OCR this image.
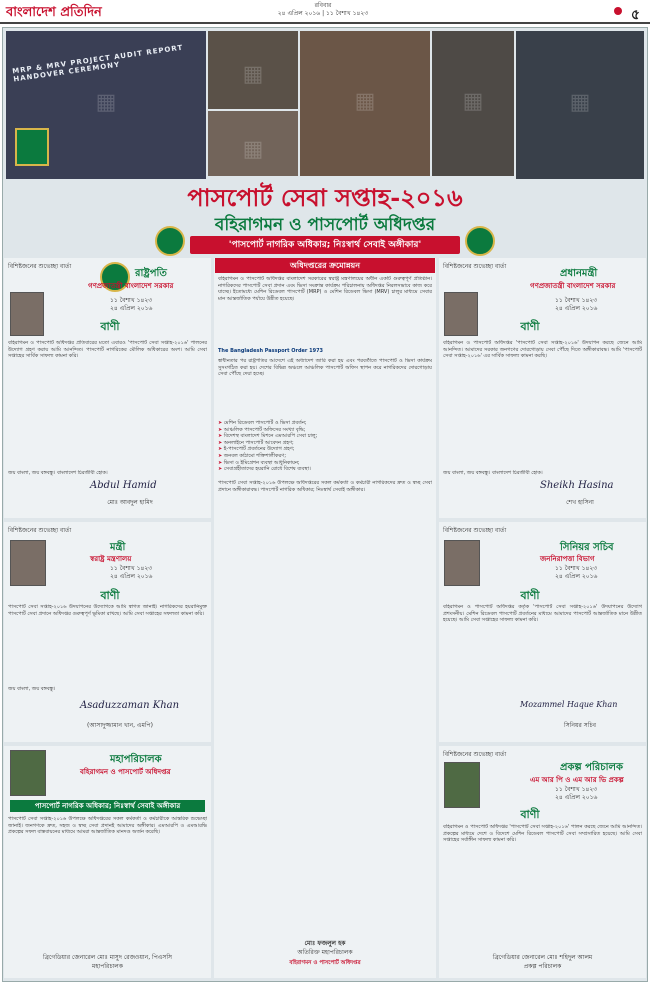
বাংলাদেশ প্রতিদিন	রবিবার
২৪ এপ্রিল ২০১৬ | ১১ বৈশাখ ১৪২৩	৫
▦
MRP & MRV PROJECT AUDIT REPORT HANDOVER CEREMONY	▦
▦	▦	▦
▦
পাসপোর্ট সেবা সপ্তাহ-২০১৬
বহিরাগমন ও পাসপোর্ট অধিদপ্তর
'পাসপোর্ট নাগরিক অধিকার; নিঃস্বার্থ সেবাই অঙ্গীকার'
অধিদপ্তরের ক্রমোন্নয়ন
বহিরাগমন ও পাসপোর্ট অধিদপ্তর বাংলাদেশ সরকারের স্বরাষ্ট্র মন্ত্রণালয়ের অধীন একটি গুরুত্বপূর্ণ প্রতিষ্ঠান। নাগরিকদের পাসপোর্ট সেবা প্রদান এবং ভিসা সংক্রান্ত কার্যক্রম পরিচালনায় অধিদপ্তর নিরলসভাবে কাজ করে যাচ্ছে। ইতোমধ্যে মেশিন রিডেবল পাসপোর্ট (MRP) ও মেশিন রিডেবল ভিসা (MRV) চালুর মাধ্যমে সেবার মান আন্তর্জাতিক পর্যায়ে উন্নীত হয়েছে।
The Bangladesh Passport Order 1973
স্বাধীনতার পর রাষ্ট্রপতির আদেশে এই অধ্যাদেশ জারি করা হয় এবং পরবর্তীতে পাসপোর্ট ও ভিসা কার্যক্রম সুসংগঠিত করা হয়। দেশের বিভিন্ন অঞ্চলে আঞ্চলিক পাসপোর্ট অফিস স্থাপন করে নাগরিকদের দোরগোড়ায় সেবা পৌঁছে দেয়া হচ্ছে।
➤ মেশিন রিডেবল পাসপোর্ট ও ভিসা প্রবর্তন;
➤ আঞ্চলিক পাসপোর্ট অফিসের সংখ্যা বৃদ্ধি;
➤ বিদেশস্থ বাংলাদেশ মিশনে এমআরপি সেবা চালু;
➤ অনলাইনে পাসপোর্ট আবেদন গ্রহণ;
➤ ই-পাসপোর্ট প্রবর্তনের উদ্যোগ গ্রহণ;
➤ জনবল কাঠামো শক্তিশালীকরণ;
➤ ভিসা ও ইমিগ্রেশন ব্যবস্থা আধুনিকায়ন;
➤ সেবাগ্রহীতাদের হয়রানি রোধে বিশেষ ব্যবস্থা।
পাসপোর্ট সেবা সপ্তাহ-২০১৬ উপলক্ষে অধিদপ্তরের সকল কর্মকর্তা ও কর্মচারী নাগরিকদের দ্রুত ও স্বচ্ছ সেবা প্রদানে অঙ্গীকারাবদ্ধ। পাসপোর্ট নাগরিক অধিকার; নিঃস্বার্থ সেবাই অঙ্গীকার।
মোঃ ফজলুল হক
অতিরিক্ত মহাপরিচালক
বহিরাগমন ও পাসপোর্ট অধিদপ্তর
বিশিষ্টজনের শুভেচ্ছা বার্তা
রাষ্ট্রপতি
গণপ্রজাতন্ত্রী বাংলাদেশ সরকার
১১ বৈশাখ ১৪২৩
২৪ এপ্রিল ২০১৬
বাণী
বহিরাগমন ও পাসপোর্ট অধিদপ্তর প্রতিবারের মতো এবারও 'পাসপোর্ট সেবা সপ্তাহ-২০১৬' পালনের উদ্যোগ গ্রহণ করায় আমি আনন্দিত। পাসপোর্ট নাগরিকের মৌলিক অধিকারের অংশ। আমি সেবা সপ্তাহের সার্বিক সাফল্য কামনা করি।
জয় বাংলা, জয় বঙ্গবন্ধু। বাংলাদেশ চিরজীবী হোক।
Abdul Hamid
মোঃ আবদুল হামিদ
বিশিষ্টজনের শুভেচ্ছা বার্তা
মন্ত্রী
স্বরাষ্ট্র মন্ত্রণালয়
১১ বৈশাখ ১৪২৩
২৪ এপ্রিল ২০১৬
বাণী
পাসপোর্ট সেবা সপ্তাহ-২০১৬ উদযাপনের উদ্যোগকে আমি স্বাগত জানাই। নাগরিকদের হয়রানিমুক্ত পাসপোর্ট সেবা প্রদানে অধিদপ্তর গুরুত্বপূর্ণ ভূমিকা রাখছে। আমি সেবা সপ্তাহের সফলতা কামনা করি।
জয় বাংলা, জয় বঙ্গবন্ধু।
Asaduzzaman Khan
(আসাদুজ্জামান খান, এমপি)
মহাপরিচালক
বহিরাগমন ও পাসপোর্ট অধিদপ্তর
পাসপোর্ট নাগরিক অধিকার; নিঃস্বার্থ সেবাই অঙ্গীকার
পাসপোর্ট সেবা সপ্তাহ-২০১৬ উপলক্ষে অধিদপ্তরের সকল কর্মকর্তা ও কর্মচারীকে আন্তরিক শুভেচ্ছা জানাই। জনগণকে দ্রুত, সহজ ও স্বচ্ছ সেবা প্রদানই আমাদের অঙ্গীকার। এমআরপি ও এমআরভি প্রকল্পের সফল বাস্তবায়নের মাধ্যমে আমরা আন্তর্জাতিক মানদণ্ড অর্জন করেছি।
ব্রিগেডিয়ার জেনারেল মোঃ মাসুদ রেজওয়ান, পিএসসি
মহাপরিচালক
বিশিষ্টজনের শুভেচ্ছা বার্তা
প্রধানমন্ত্রী
গণপ্রজাতন্ত্রী বাংলাদেশ সরকার
১১ বৈশাখ ১৪২৩
২৪ এপ্রিল ২০১৬
বাণী
বহিরাগমন ও পাসপোর্ট অধিদপ্তর 'পাসপোর্ট সেবা সপ্তাহ-২০১৬' উদযাপন করছে জেনে আমি আনন্দিত। আমাদের সরকার জনগণের দোরগোড়ায় সেবা পৌঁছে দিতে অঙ্গীকারাবদ্ধ। আমি 'পাসপোর্ট সেবা সপ্তাহ-২০১৬' এর সার্বিক সাফল্য কামনা করছি।
জয় বাংলা, জয় বঙ্গবন্ধু। বাংলাদেশ চিরজীবী হোক।
Sheikh Hasina
শেখ হাসিনা
বিশিষ্টজনের শুভেচ্ছা বার্তা
সিনিয়র সচিব
জননিরাপত্তা বিভাগ
১১ বৈশাখ ১৪২৩
২৪ এপ্রিল ২০১৬
বাণী
বহিরাগমন ও পাসপোর্ট অধিদপ্তর কর্তৃক 'পাসপোর্ট সেবা সপ্তাহ-২০১৬' উদযাপনের উদ্যোগ প্রশংসনীয়। মেশিন রিডেবল পাসপোর্ট প্রবর্তনের মাধ্যমে আমাদের পাসপোর্ট আন্তর্জাতিক মানে উন্নীত হয়েছে। আমি সেবা সপ্তাহের সাফল্য কামনা করি।
Mozammel Haque Khan
সিনিয়র সচিব
বিশিষ্টজনের শুভেচ্ছা বার্তা
প্রকল্প পরিচালক
এম আর পি ও এম আর ভি প্রকল্প
১১ বৈশাখ ১৪২৩
২৪ এপ্রিল ২০১৬
বাণী
বহিরাগমন ও পাসপোর্ট অধিদপ্তর 'পাসপোর্ট সেবা সপ্তাহ-২০১৬' পালন করছে জেনে আমি আনন্দিত। প্রকল্পের মাধ্যমে দেশে ও বিদেশে মেশিন রিডেবল পাসপোর্ট সেবা সম্প্রসারিত হয়েছে। আমি সেবা সপ্তাহের সর্বাঙ্গীন সাফল্য কামনা করি।
ব্রিগেডিয়ার জেনারেল মোঃ শহিদুল আলম
প্রকল্প পরিচালক
